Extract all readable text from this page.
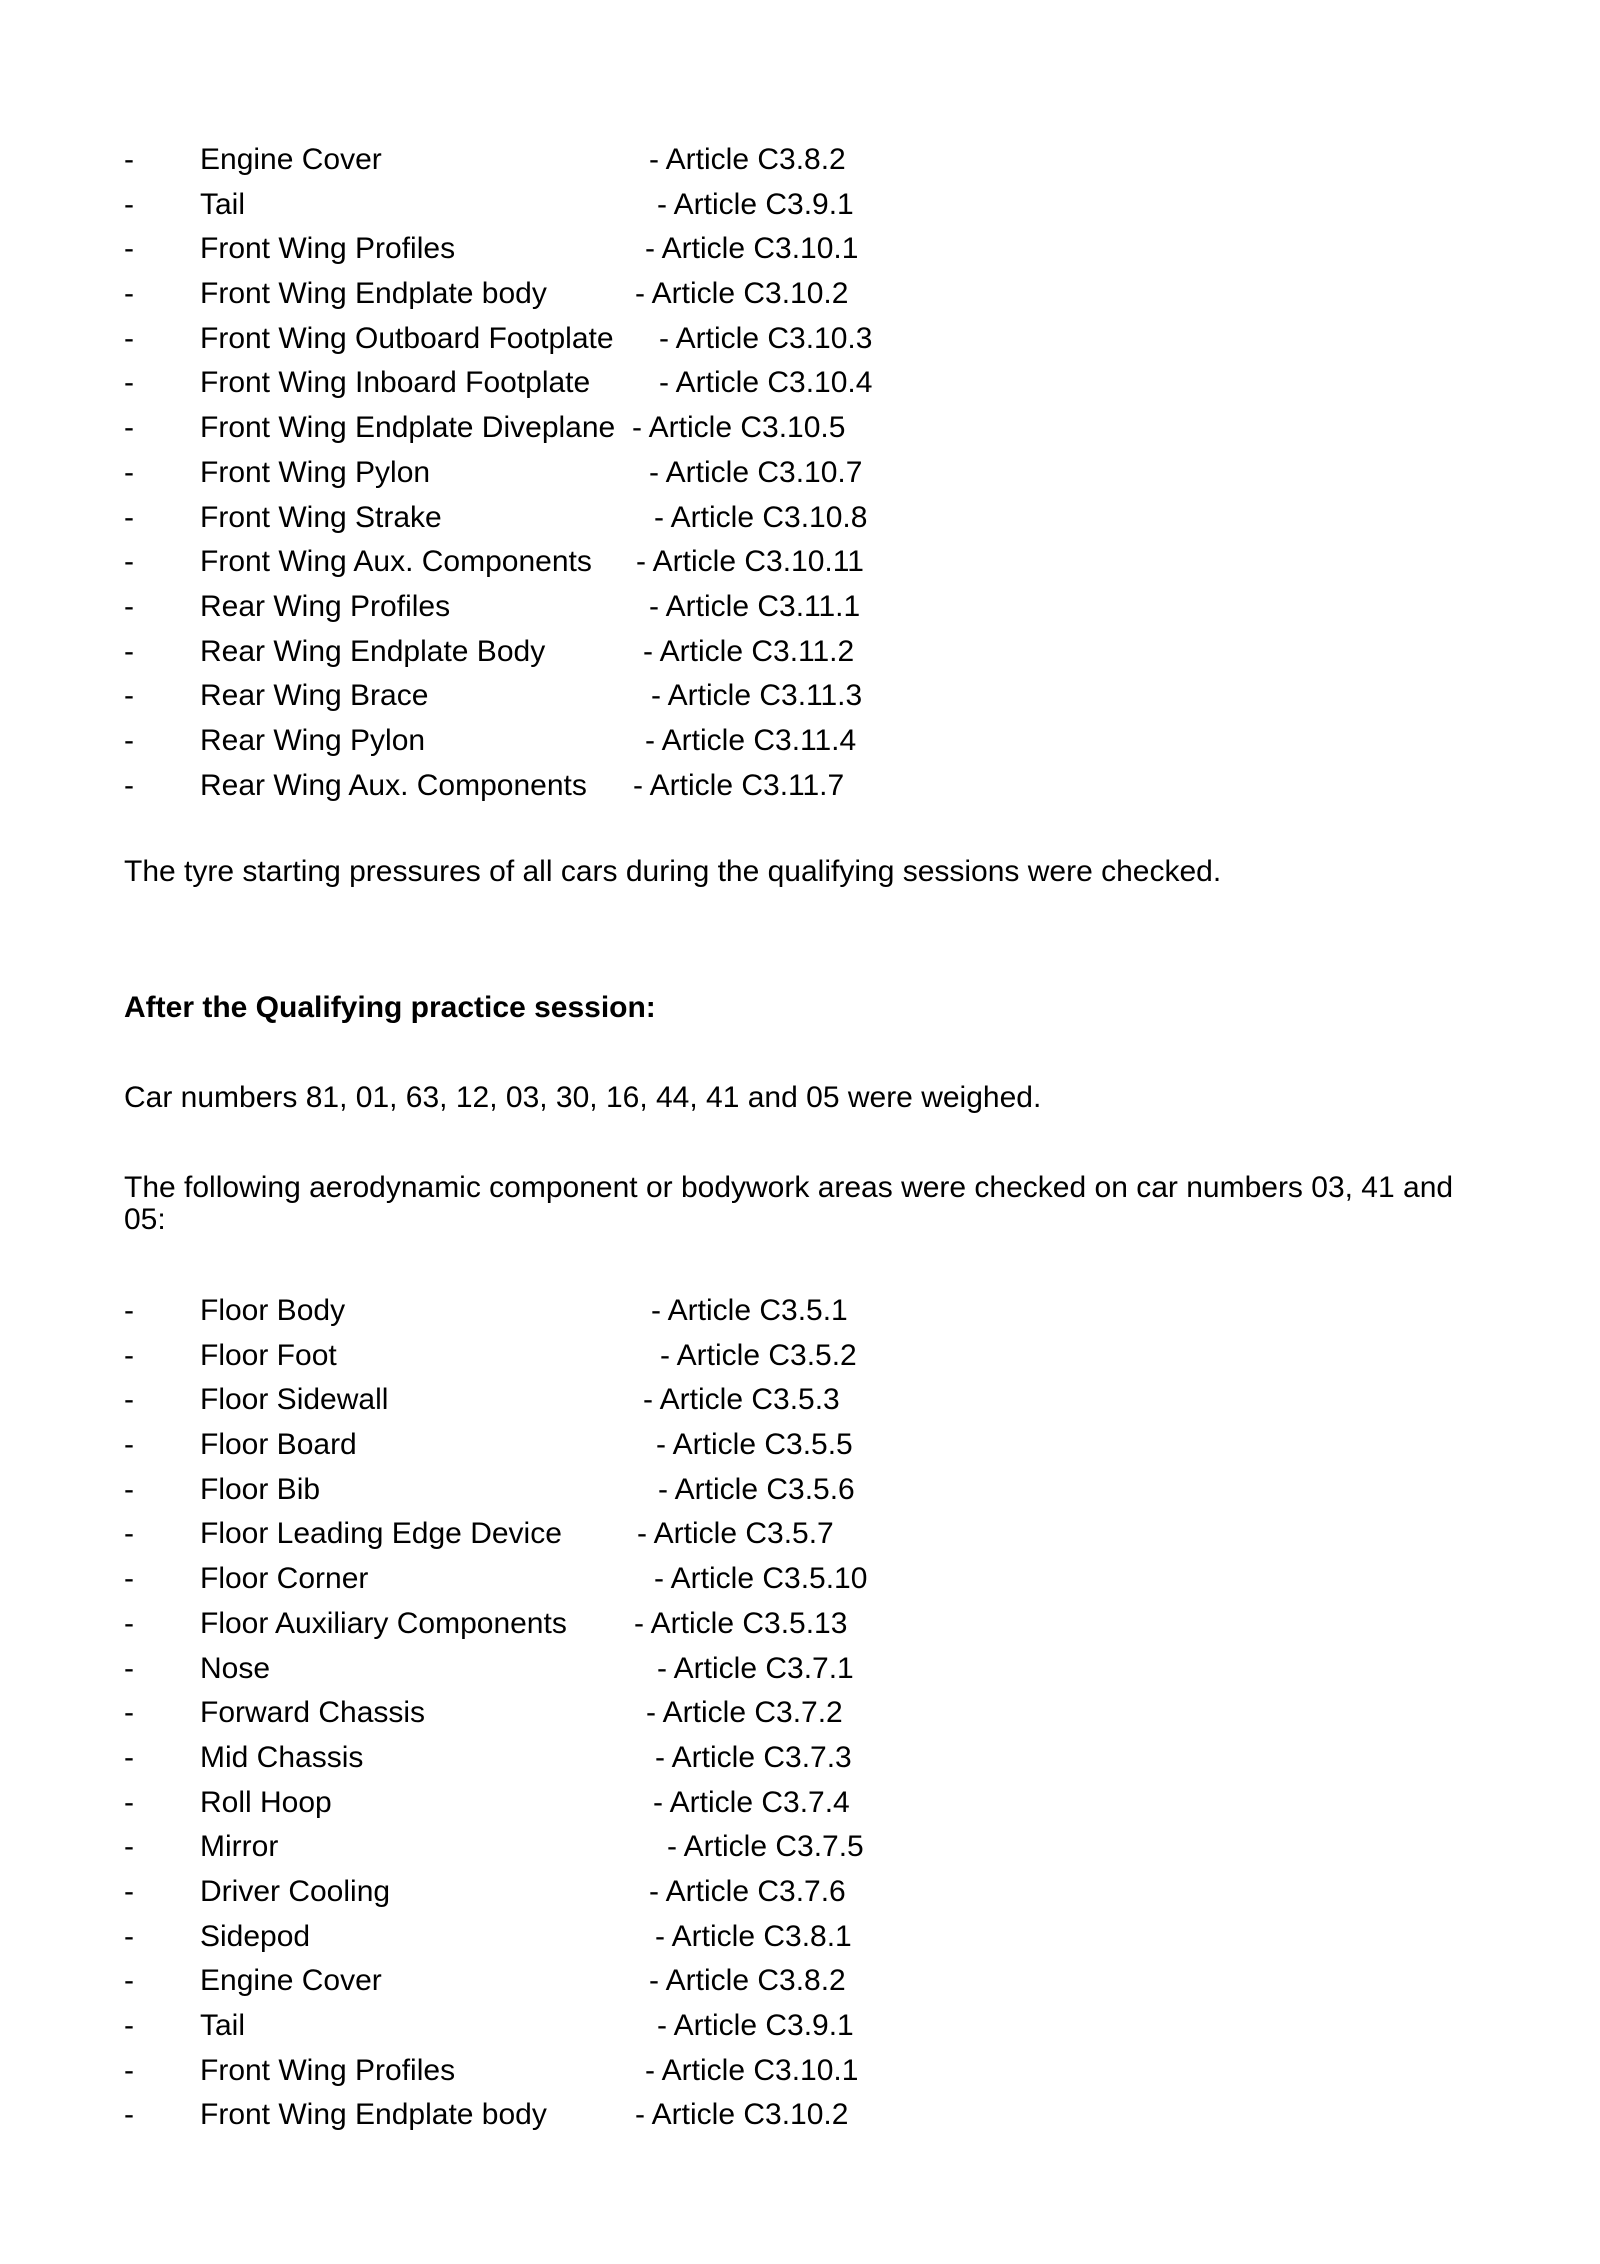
- Engine Cover	- Article C3.8.2
- Tail	- Article C3.9.1
- Front Wing Profiles	- Article C3.10.1
- Front Wing Endplate body	- Article C3.10.2
- Front Wing Outboard Footplate - Article C3.10.3
- Front Wing Inboard Footplate - Article C3.10.4
- Front Wing Endplate Diveplane - Article C3.10.5
- Front Wing Pylon	- Article C3.10.7
- Front Wing Strake	- Article C3.10.8
- Front Wing Aux. Components - Article C3.10.11
- Rear Wing Profiles	- Article C3.11.1
- Rear Wing Endplate Body	- Article C3.11.2
- Rear Wing Brace	- Article C3.11.3
- Rear Wing Pylon	- Article C3.11.4
- Rear Wing Aux. Components - Article C3.11.7
The tyre starting pressures of all cars during the qualifying sessions were checked.
After the Qualifying practice session:
Car numbers 81, 01, 63, 12, 03, 30, 16, 44, 41 and 05 were weighed.
The following aerodynamic component or bodywork areas were checked on car numbers 03, 41 and
05:
- Floor Body	- Article C3.5.1
- Floor Foot	- Article C3.5.2
- Floor Sidewall	- Article C3.5.3
- Floor Board	- Article C3.5.5
- Floor Bib	- Article C3.5.6
- Floor Leading Edge Device	- Article C3.5.7
- Floor Corner	- Article C3.5.10
- Floor Auxiliary Components - Article C3.5.13
- Nose	- Article C3.7.1
- Forward Chassis	- Article C3.7.2
- Mid Chassis	- Article C3.7.3
- Roll Hoop	- Article C3.7.4
- Mirror	- Article C3.7.5
- Driver Cooling	- Article C3.7.6
- Sidepod	- Article C3.8.1
- Engine Cover	- Article C3.8.2
- Tail	- Article C3.9.1
- Front Wing Profiles	- Article C3.10.1
- Front Wing Endplate body	- Article C3.10.2
